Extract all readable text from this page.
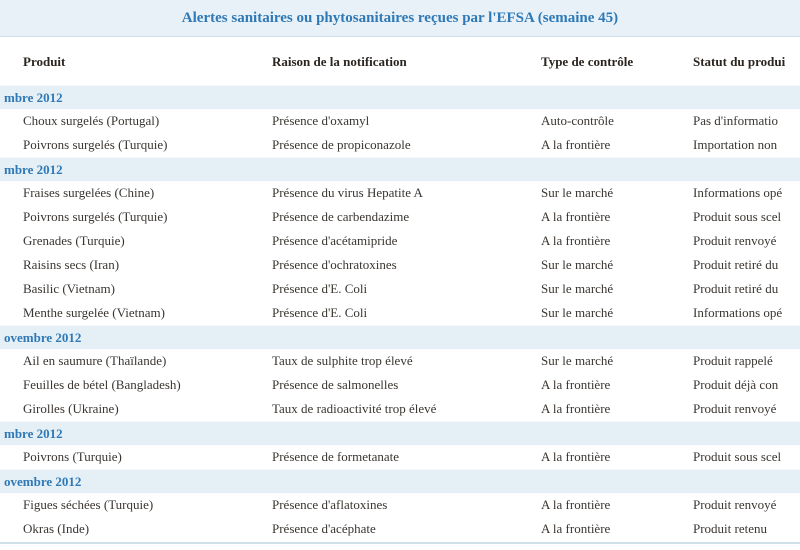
Alertes sanitaires ou phytosanitaires reçues par l'EFSA (semaine 45)
Produit	Raison de la notification	Type de contrôle	Statut du produi
mbre 2012
Choux surgelés (Portugal)	Présence d'oxamyl	Auto-contrôle	Pas d'informatio
Poivrons surgelés (Turquie)	Présence de propiconazole	A la frontière	Importation non
mbre 2012
Fraises surgelées (Chine)	Présence du virus Hepatite A	Sur le marché	Informations opé
Poivrons surgelés (Turquie)	Présence de carbendazime	A la frontière	Produit sous scel
Grenades (Turquie)	Présence d'acétamipride	A la frontière	Produit renvoyé
Raisins secs (Iran)	Présence d'ochratoxines	Sur le marché	Produit retiré du
Basilic (Vietnam)	Présence d'E. Coli	Sur le marché	Produit retiré du
Menthe surgelée (Vietnam)	Présence d'E. Coli	Sur le marché	Informations opé
ovembre 2012
Ail en saumure (Thaïlande)	Taux de sulphite trop élevé	Sur le marché	Produit rappelé
Feuilles de bétel (Bangladesh)	Présence de salmonelles	A la frontière	Produit déjà con
Girolles (Ukraine)	Taux de radioactivité trop élevé	A la frontière	Produit renvoyé
mbre 2012
Poivrons (Turquie)	Présence de formetanate	A la frontière	Produit sous scel
ovembre 2012
Figues séchées (Turquie)	Présence d'aflatoxines	A la frontière	Produit renvoyé
Okras (Inde)	Présence d'acéphate	A la frontière	Produit retenu
